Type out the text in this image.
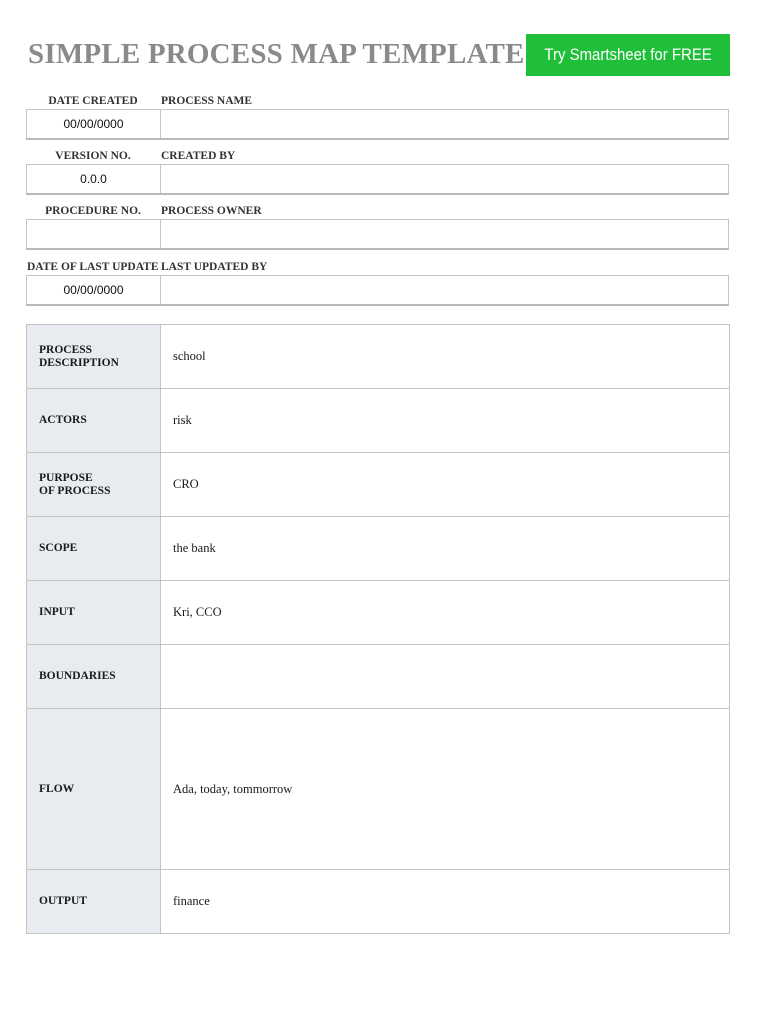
SIMPLE PROCESS MAP TEMPLATE Try Smartsheet for FREE
DATE CREATED	PROCESS NAME
00/00/0000
VERSION NO.	CREATED BY
0.0.0
PROCEDURE NO.	PROCESS OWNER
DATE OF LAST UPDATE LAST UPDATED BY
00/00/0000
PROCESS
DESCRIPTION	school
ACTORS	risk
PURPOSE
OF PROCESS	CRO
SCOPE	the bank
INPUT	Kri, CCO
BOUNDARIES	
FLOW	Ada, today, tommorrow
OUTPUT	finance
